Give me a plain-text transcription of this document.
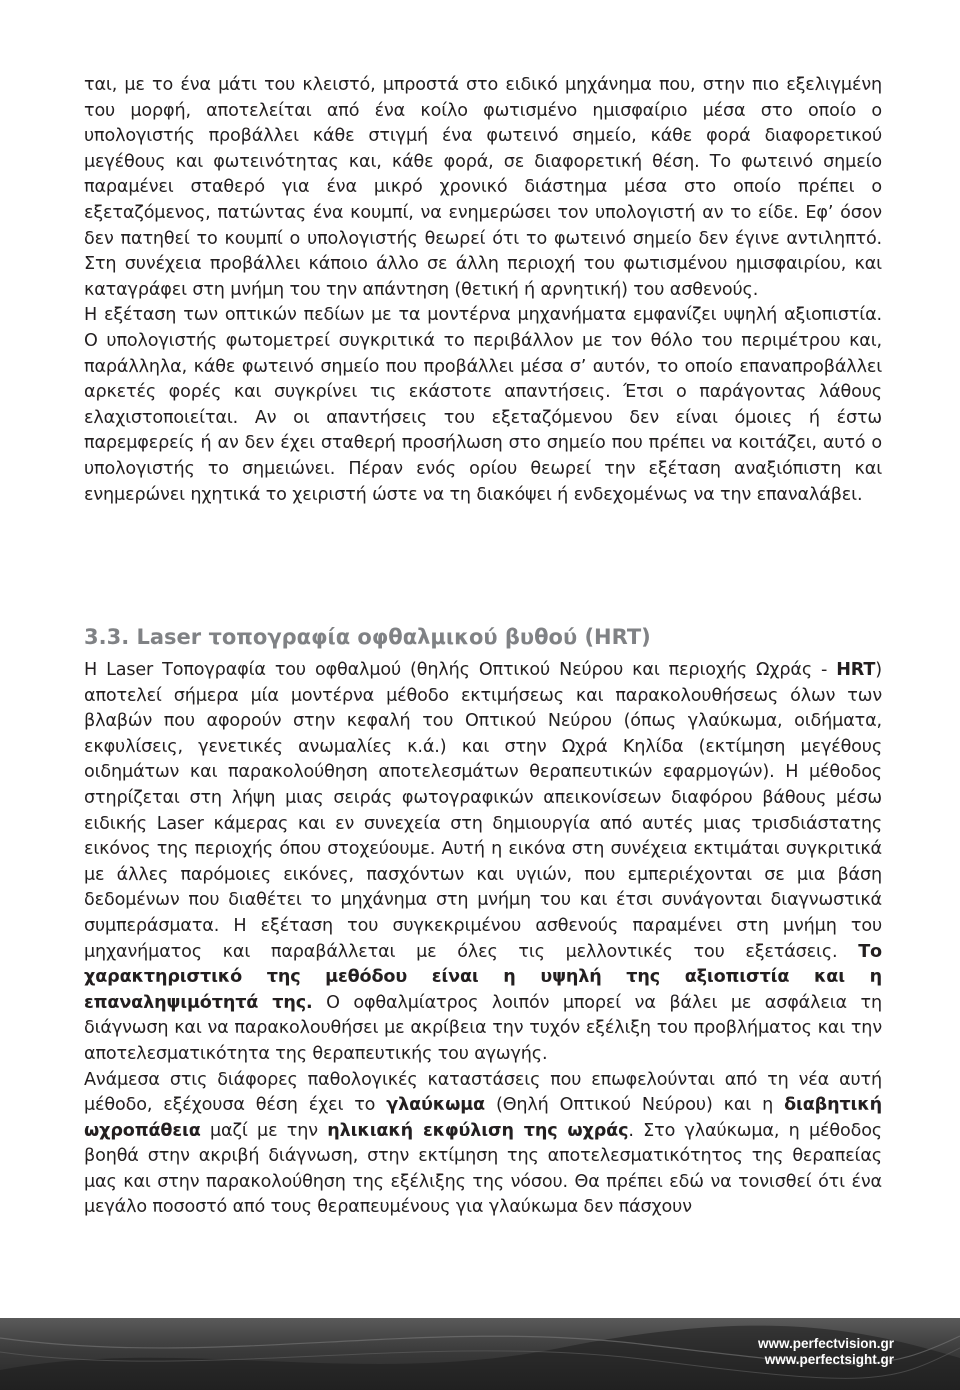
ται, με το ένα μάτι του κλειστό, μπροστά στο ειδικό μηχάνημα που, στην πιο εξελιγμένη του μορφή, αποτελείται από ένα κοίλο φωτισμένο ημισφαίριο μέσα στο οποίο ο υπολογιστής προβάλλει κάθε στιγμή ένα φωτεινό σημείο, κάθε φορά διαφορετικού μεγέθους και φωτεινότητας και, κάθε φορά, σε διαφορετική θέση. Το φωτεινό σημείο παραμένει σταθερό για ένα μικρό χρονικό διάστημα μέσα στο οποίο πρέπει ο εξεταζόμενος, πατώντας ένα κουμπί, να ενημερώσει τον υπολογιστή αν το είδε. Εφ’ όσον δεν πατηθεί το κουμπί ο υπολογιστής θεωρεί ότι το φωτεινό σημείο δεν έγινε αντιληπτό. Στη συνέχεια προβάλλει κάποιο άλλο σε άλλη περιοχή του φωτισμένου ημισφαιρίου, και καταγράφει στη μνήμη του την απάντηση (θετική ή αρνητική) του ασθενούς.

Η εξέταση των οπτικών πεδίων με τα μοντέρνα μηχανήματα εμφανίζει υψηλή αξιοπιστία. Ο υπολογιστής φωτομετρεί συγκριτικά το περιβάλλον με τον θόλο του περιμέτρου και, παράλληλα, κάθε φωτεινό σημείο που προβάλλει μέσα σ’ αυτόν, το οποίο επαναπροβάλλει αρκετές φορές και συγκρίνει τις εκάστοτε απαντήσεις. Έτσι ο παράγοντας λάθους ελαχιστοποιείται. Αν οι απαντήσεις του εξεταζόμενου δεν είναι όμοιες ή έστω παρεμφερείς ή αν δεν έχει σταθερή προσήλωση στο σημείο που πρέπει να κοιτάζει, αυτό ο υπολογιστής το σημειώνει. Πέραν ενός ορίου θεωρεί την εξέταση αναξιόπιστη και ενημερώνει ηχητικά το χειριστή ώστε να τη διακόψει ή ενδεχομένως να την επαναλάβει.

3.3. Laser τοπογραφία οφθαλμικού βυθού (HRT)

Η Laser Τοπογραφία του οφθαλμού (θηλής Οπτικού Νεύρου και περιοχής Ωχράς - HRT) αποτελεί σήμερα μία μοντέρνα μέθοδο εκτιμήσεως και παρακολουθήσεως όλων των βλαβών που αφορούν στην κεφαλή του Οπτικού Νεύρου (όπως γλαύκωμα, οιδήματα, εκφυλίσεις, γενετικές ανωμαλίες κ.ά.) και στην Ωχρά Κηλίδα (εκτίμηση μεγέθους οιδημάτων και παρακολούθηση αποτελεσμάτων θεραπευτικών εφαρμογών). Η μέθοδος στηρίζεται στη λήψη μιας σειράς φωτογραφικών απεικονίσεων διαφόρου βάθους μέσω ειδικής Laser κάμερας και εν συνεχεία στη δημιουργία από αυτές μιας τρισδιάστατης εικόνος της περιοχής όπου στοχεύουμε. Αυτή η εικόνα στη συνέχεια εκτιμάται συγκριτικά με άλλες παρόμοιες εικόνες, πασχόντων και υγιών, που εμπεριέχονται σε μια βάση δεδομένων που διαθέτει το μηχάνημα στη μνήμη του και έτσι συνάγονται διαγνωστικά συμπεράσματα. Η εξέταση του συγκεκριμένου ασθενούς παραμένει στη μνήμη του μηχανήματος και παραβάλλεται με όλες τις μελλοντικές του εξετάσεις. Το χαρακτηριστικό της μεθόδου είναι η υψηλή της αξιοπιστία και η επαναληψιμότητά της. Ο οφθαλμίατρος λοιπόν μπορεί να βάλει με ασφάλεια τη διάγνωση και να παρακολουθήσει με ακρίβεια την τυχόν εξέλιξη του προβλήματος και την αποτελεσματικότητα της θεραπευτικής του αγωγής.

Ανάμεσα στις διάφορες παθολογικές καταστάσεις που επωφελούνται από τη νέα αυτή μέθοδο, εξέχουσα θέση έχει το γλαύκωμα (Θηλή Οπτικού Νεύρου) και η διαβητική ωχροπάθεια μαζί με την ηλικιακή εκφύλιση της ωχράς. Στο γλαύκωμα, η μέθοδος βοηθά στην ακριβή διάγνωση, στην εκτίμηση της αποτελεσματικότητος της θεραπείας μας και στην παρακολούθηση της εξέλιξης της νόσου. Θα πρέπει εδώ να τονισθεί ότι ένα μεγάλο ποσοστό από τους θεραπευμένους για γλαύκωμα δεν πάσχουν

www.perfectvision.gr
www.perfectsight.gr
